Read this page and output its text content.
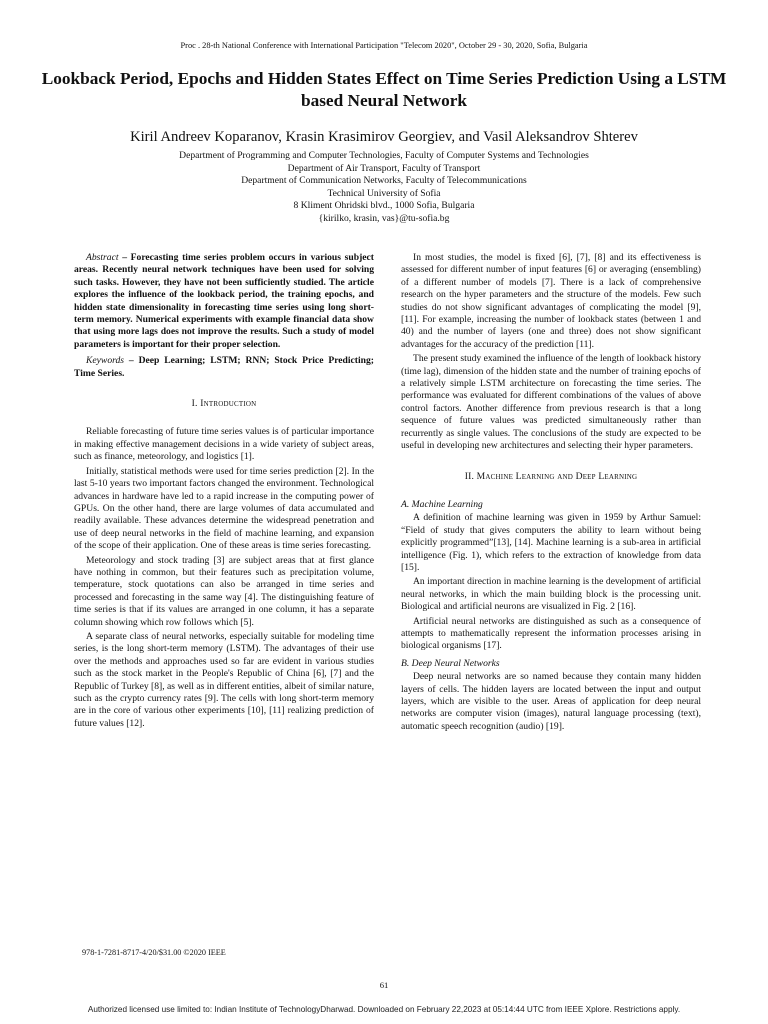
Proc . 28-th National Conference with International Participation "Telecom 2020", October 29 - 30, 2020, Sofia, Bulgaria
Lookback Period, Epochs and Hidden States Effect on Time Series Prediction Using a LSTM based Neural Network
Kiril Andreev Koparanov, Krasin Krasimirov Georgiev, and Vasil Aleksandrov Shterev
Department of Programming and Computer Technologies, Faculty of Computer Systems and Technologies
Department of Air Transport, Faculty of Transport
Department of Communication Networks, Faculty of Telecommunications
Technical University of Sofia
8 Kliment Ohridski blvd., 1000 Sofia, Bulgaria
{kirilko, krasin, vas}@tu-sofia.bg

Abstract – Forecasting time series problem occurs in various subject areas. Recently neural network techniques have been used for solving such tasks. However, they have not been sufficiently studied. The article explores the influence of the lookback period, the training epochs, and hidden state dimensionality in forecasting time series using long short-term memory. Numerical experiments with example financial data show that using more lags does not improve the results. Such a study of model parameters is important for their proper selection.

Keywords – Deep Learning; LSTM; RNN; Stock Price Predicting; Time Series.

I. Introduction

Reliable forecasting of future time series values is of particular importance in making effective management decisions in a wide variety of subject areas, such as finance, meteorology, and logistics [1].

Initially, statistical methods were used for time series prediction [2]. In the last 5-10 years two important factors changed the environment. Technological advances in hardware have led to a rapid increase in the computing power of GPUs. On the other hand, there are large volumes of data accumulated and readily available. These advances determine the widespread penetration and use of deep neural networks in the field of machine learning, and expansion of the scope of their application. One of these areas is time series forecasting.

Meteorology and stock trading [3] are subject areas that at first glance have nothing in common, but their features such as precipitation volume, temperature, stock quotations can also be arranged in time series and processed and forecasting in the same way [4]. The distinguishing feature of time series is that if its values are arranged in one column, it has a separate column showing which row follows which [5].

A separate class of neural networks, especially suitable for modeling time series, is the long short-term memory (LSTM). The advantages of their use over the methods and approaches used so far are evident in various studies such as the stock market in the People's Republic of China [6], [7] and the Republic of Turkey [8], as well as in different entities, albeit of similar nature, such as the crypto currency rates [9]. The cells with long short-term memory are in the core of various other experiments [10], [11] realizing prediction of future values [12].

In most studies, the model is fixed [6], [7], [8] and its effectiveness is assessed for different number of input features [6] or averaging (ensembling) of a different number of models [7]. There is a lack of comprehensive research on the hyper parameters and the structure of the models. Few such studies do not show significant advantages of complicating the model [9], [11]. For example, increasing the number of lookback states (between 1 and 40) and the number of layers (one and three) does not show significant advantages for the accuracy of the prediction [11].

The present study examined the influence of the length of lookback history (time lag), dimension of the hidden state and the number of training epochs of a relatively simple LSTM architecture on forecasting the time series. The performance was evaluated for different combinations of the values of above control factors. Another difference from previous research is that a long sequence of future values was predicted simultaneously rather than recurrently as single values. The conclusions of the study are expected to be useful in developing new architectures and selecting their hyper parameters.

II. Machine Learning and Deep Learning
A. Machine Learning

A definition of machine learning was given in 1959 by Arthur Samuel: “Field of study that gives computers the ability to learn without being explicitly programmed”[13], [14]. Machine learning is a sub-area in artificial intelligence (Fig. 1), which refers to the extraction of knowledge from data [15].

An important direction in machine learning is the development of artificial neural networks, in which the main building block is the processing unit. Biological and artificial neurons are visualized in Fig. 2 [16].

Artificial neural networks are distinguished as such as a consequence of attempts to mathematically represent the information processes arising in biological organisms [17].

B. Deep Neural Networks

Deep neural networks are so named because they contain many hidden layers of cells. The hidden layers are located between the input and output layers, which are visible to the user. Areas of application for deep neural networks are computer vision (images), natural language processing (text), automatic speech recognition (audio) [19].

978-1-7281-8717-4/20/$31.00 ©2020 IEEE
61
Authorized licensed use limited to: Indian Institute of TechnologyDharwad. Downloaded on February 22,2023 at 05:14:44 UTC from IEEE Xplore. Restrictions apply.
